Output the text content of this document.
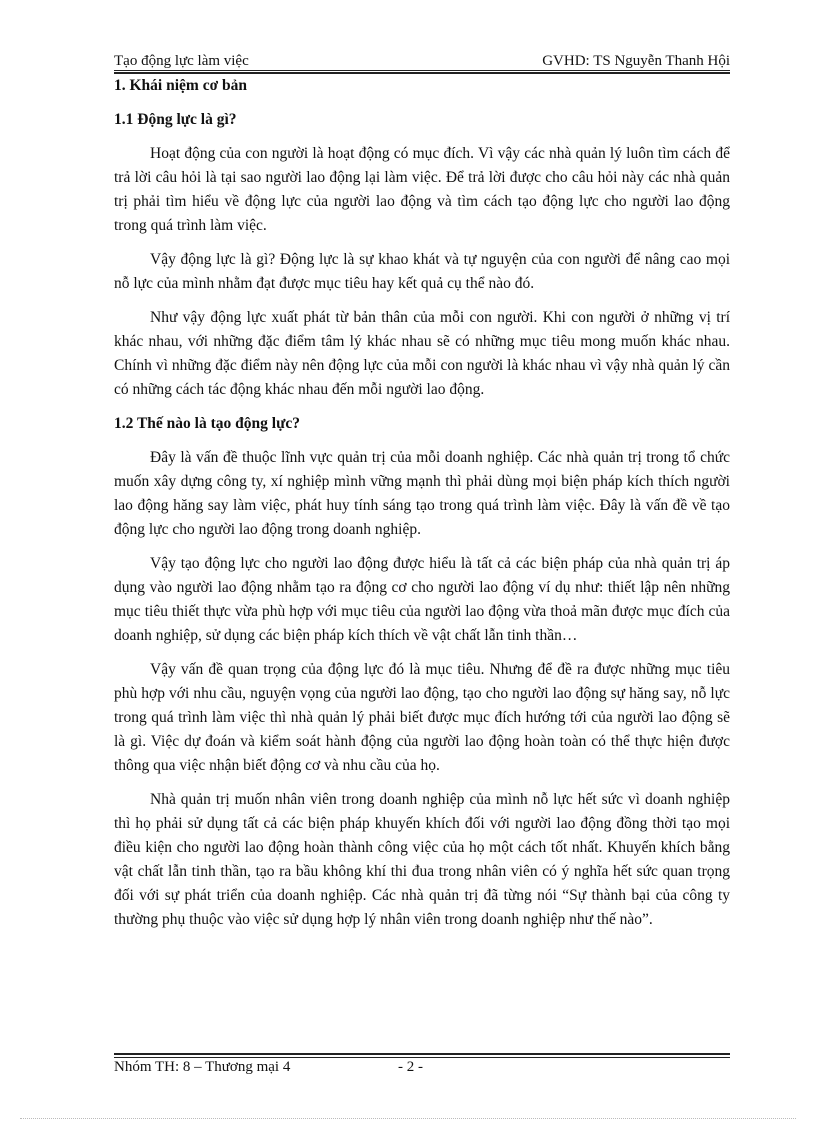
Tạo động lực làm việc	GVHD: TS Nguyễn Thanh Hội
1. Khái niệm cơ bản
1.1 Động lực là gì?

Hoạt động của con người là hoạt động có mục đích. Vì vậy các nhà quản lý luôn tìm cách để trả lời câu hỏi là tại sao người lao động lại làm việc. Để trả lời được cho câu hỏi này các nhà quản trị phải tìm hiểu về động lực của người lao động và tìm cách tạo động lực cho người lao động trong quá trình làm việc.

Vậy động lực là gì? Động lực là sự khao khát và tự nguyện của con người để nâng cao mọi nỗ lực của mình nhằm đạt được mục tiêu hay kết quả cụ thể nào đó.

Như vậy động lực xuất phát từ bản thân của mỗi con người. Khi con người ở những vị trí khác nhau, với những đặc điểm tâm lý khác nhau sẽ có những mục tiêu mong muốn khác nhau. Chính vì những đặc điểm này nên động lực của mỗi con người là khác nhau vì vậy nhà quản lý cần có những cách tác động khác nhau đến mỗi người lao động.

1.2 Thế nào là tạo động lực?

Đây là vấn đề thuộc lĩnh vực quản trị của mỗi doanh nghiệp. Các nhà quản trị trong tổ chức muốn xây dựng công ty, xí nghiệp mình vững mạnh thì phải dùng mọi biện pháp kích thích người lao động hăng say làm việc, phát huy tính sáng tạo trong quá trình làm việc. Đây là vấn đề về tạo động lực cho người lao động trong doanh nghiệp.

Vậy tạo động lực cho người lao động được hiểu là tất cả các biện pháp của nhà quản trị áp dụng vào người lao động nhằm tạo ra động cơ cho người lao động ví dụ như: thiết lập nên những mục tiêu thiết thực vừa phù hợp với mục tiêu của người lao động vừa thoả mãn được mục đích của doanh nghiệp, sử dụng các biện pháp kích thích về vật chất lẫn tinh thần…

Vậy vấn đề quan trọng của động lực đó là mục tiêu. Nhưng để đề ra được những mục tiêu phù hợp với nhu cầu, nguyện vọng của người lao động, tạo cho người lao động sự hăng say, nỗ lực trong quá trình làm việc thì nhà quản lý phải biết được mục đích hướng tới của người lao động sẽ là gì. Việc dự đoán và kiểm soát hành động của người lao động hoàn toàn có thể thực hiện được thông qua việc nhận biết động cơ và nhu cầu của họ.

Nhà quản trị muốn nhân viên trong doanh nghiệp của mình nỗ lực hết sức vì doanh nghiệp thì họ phải sử dụng tất cả các biện pháp khuyến khích đối với người lao động đồng thời tạo mọi điều kiện cho người lao động hoàn thành công việc của họ một cách tốt nhất. Khuyến khích bằng vật chất lẫn tinh thần, tạo ra bầu không khí thi đua trong nhân viên có ý nghĩa hết sức quan trọng đối với sự phát triển của doanh nghiệp. Các nhà quản trị đã từng nói “Sự thành bại của công ty thường phụ thuộc vào việc sử dụng hợp lý nhân viên trong doanh nghiệp như thế nào”.

Nhóm TH: 8 – Thương mại 4	- 2 -
